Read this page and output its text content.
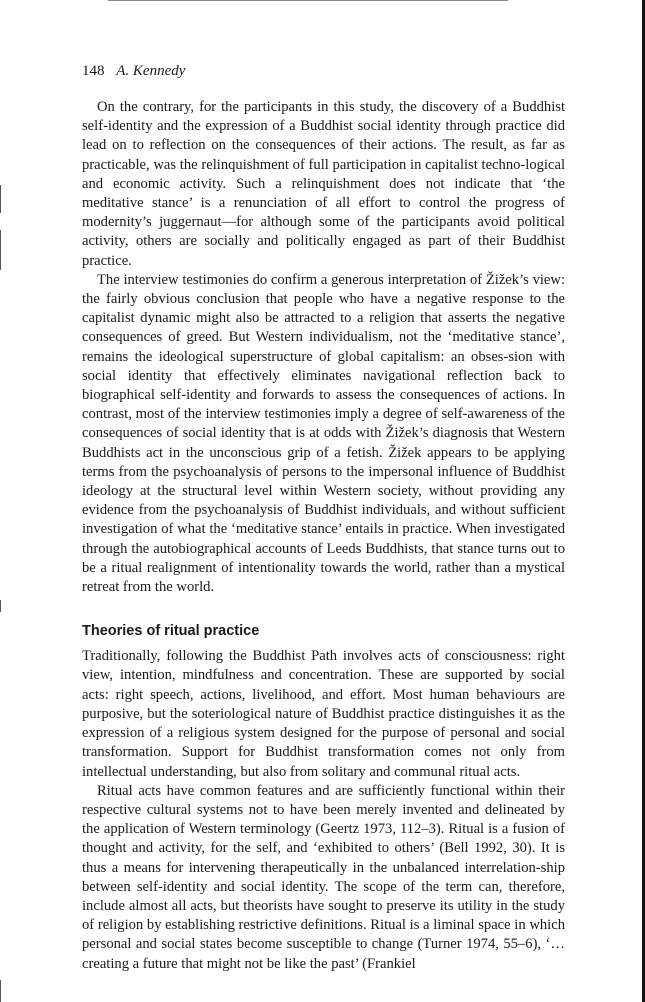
148 A. Kennedy

On the contrary, for the participants in this study, the discovery of a Buddhist self-identity and the expression of a Buddhist social identity through practice did lead on to reflection on the consequences of their actions. The result, as far as practicable, was the relinquishment of full participation in capitalist techno-logical and economic activity. Such a relinquishment does not indicate that ‘the meditative stance’ is a renunciation of all effort to control the progress of modernity’s juggernaut—for although some of the participants avoid political activity, others are socially and politically engaged as part of their Buddhist practice.

The interview testimonies do confirm a generous interpretation of Žižek’s view: the fairly obvious conclusion that people who have a negative response to the capitalist dynamic might also be attracted to a religion that asserts the negative consequences of greed. But Western individualism, not the ‘meditative stance’, remains the ideological superstructure of global capitalism: an obses-sion with social identity that effectively eliminates navigational reflection back to biographical self-identity and forwards to assess the consequences of actions. In contrast, most of the interview testimonies imply a degree of self-awareness of the consequences of social identity that is at odds with Žižek’s diagnosis that Western Buddhists act in the unconscious grip of a fetish. Žižek appears to be applying terms from the psychoanalysis of persons to the impersonal influence of Buddhist ideology at the structural level within Western society, without providing any evidence from the psychoanalysis of Buddhist individuals, and without sufficient investigation of what the ‘meditative stance’ entails in practice. When investigated through the autobiographical accounts of Leeds Buddhists, that stance turns out to be a ritual realignment of intentionality towards the world, rather than a mystical retreat from the world.

Theories of ritual practice

Traditionally, following the Buddhist Path involves acts of consciousness: right view, intention, mindfulness and concentration. These are supported by social acts: right speech, actions, livelihood, and effort. Most human behaviours are purposive, but the soteriological nature of Buddhist practice distinguishes it as the expression of a religious system designed for the purpose of personal and social transformation. Support for Buddhist transformation comes not only from intellectual understanding, but also from solitary and communal ritual acts.

Ritual acts have common features and are sufficiently functional within their respective cultural systems not to have been merely invented and delineated by the application of Western terminology (Geertz 1973, 112–3). Ritual is a fusion of thought and activity, for the self, and ‘exhibited to others’ (Bell 1992, 30). It is thus a means for intervening therapeutically in the unbalanced interrelation-ship between self-identity and social identity. The scope of the term can, therefore, include almost all acts, but theorists have sought to preserve its utility in the study of religion by establishing restrictive definitions. Ritual is a liminal space in which personal and social states become susceptible to change (Turner 1974, 55–6), ‘… creating a future that might not be like the past’ (Frankiel
